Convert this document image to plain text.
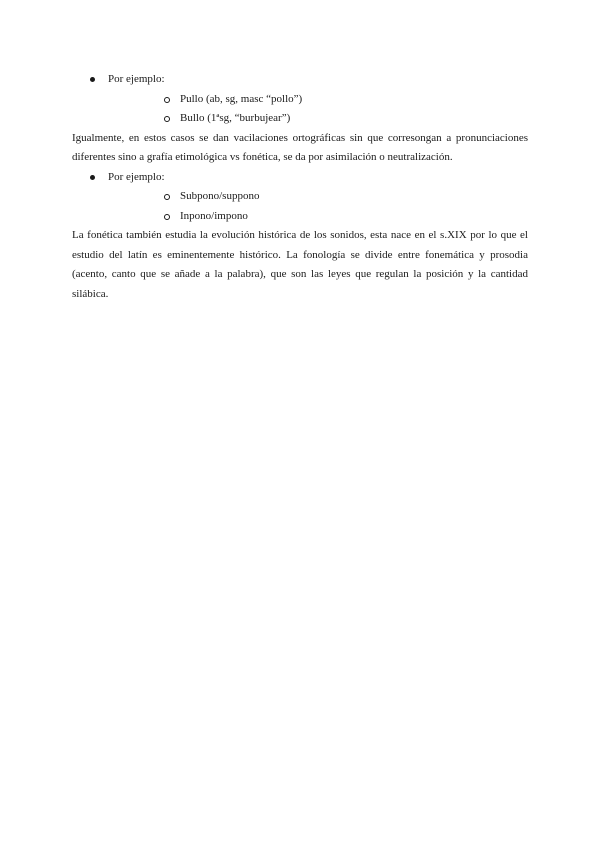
Por ejemplo:
Pullo (ab, sg, masc “pollo”)
Bullo (1ªsg, “burbujear”)

Igualmente, en estos casos se dan vacilaciones ortográficas sin que corresongan a pronunciaciones diferentes sino a grafía etimológica vs fonética, se da por asimilación o neutralización.

Por ejemplo:
Subpono/suppono
Inpono/impono

La fonética también estudia la evolución histórica de los sonidos, esta nace en el s.XIX por lo que el estudio del latín es eminentemente histórico. La fonología se divide entre fonemática y prosodia (acento, canto que se añade a la palabra), que son las leyes que regulan la posición y la cantidad silábica.
